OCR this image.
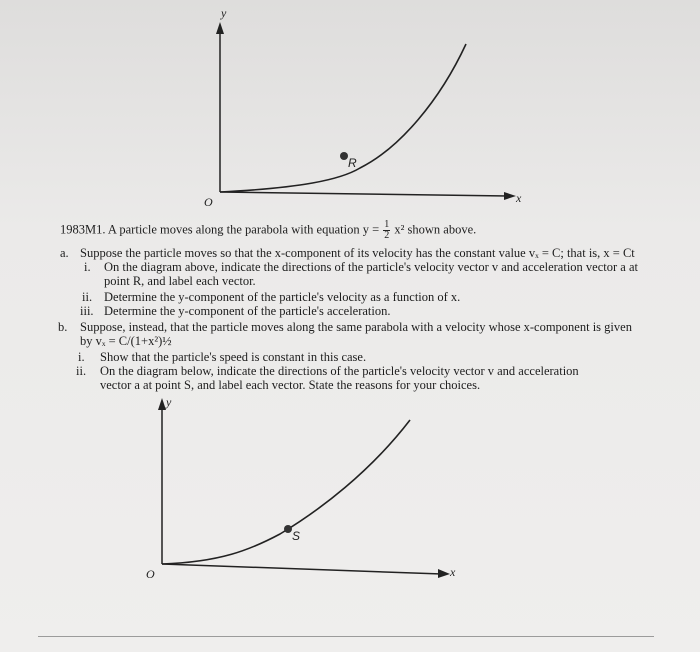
y
x
O
R
1983M1. A particle moves along the parabola with equation $y = \frac{1}{2} x^2$ shown above.
a. Suppose the particle moves so that the x-component of its velocity has the constant value vₓ = C; that is, x = Ct
i. On the diagram above, indicate the directions of the particle's velocity vector v and acceleration vector a at
point R, and label each vector.
ii. Determine the y-component of the particle's velocity as a function of x.
iii. Determine the y-component of the particle's acceleration.
b. Suppose, instead, that the particle moves along the same parabola with a velocity whose x-component is given
by vₓ = C/(1+x²)½
i. Show that the particle's speed is constant in this case.
ii. On the diagram below, indicate the directions of the particle's velocity vector v and acceleration
vector a at point S, and label each vector. State the reasons for your choices.
y
x
O
S
